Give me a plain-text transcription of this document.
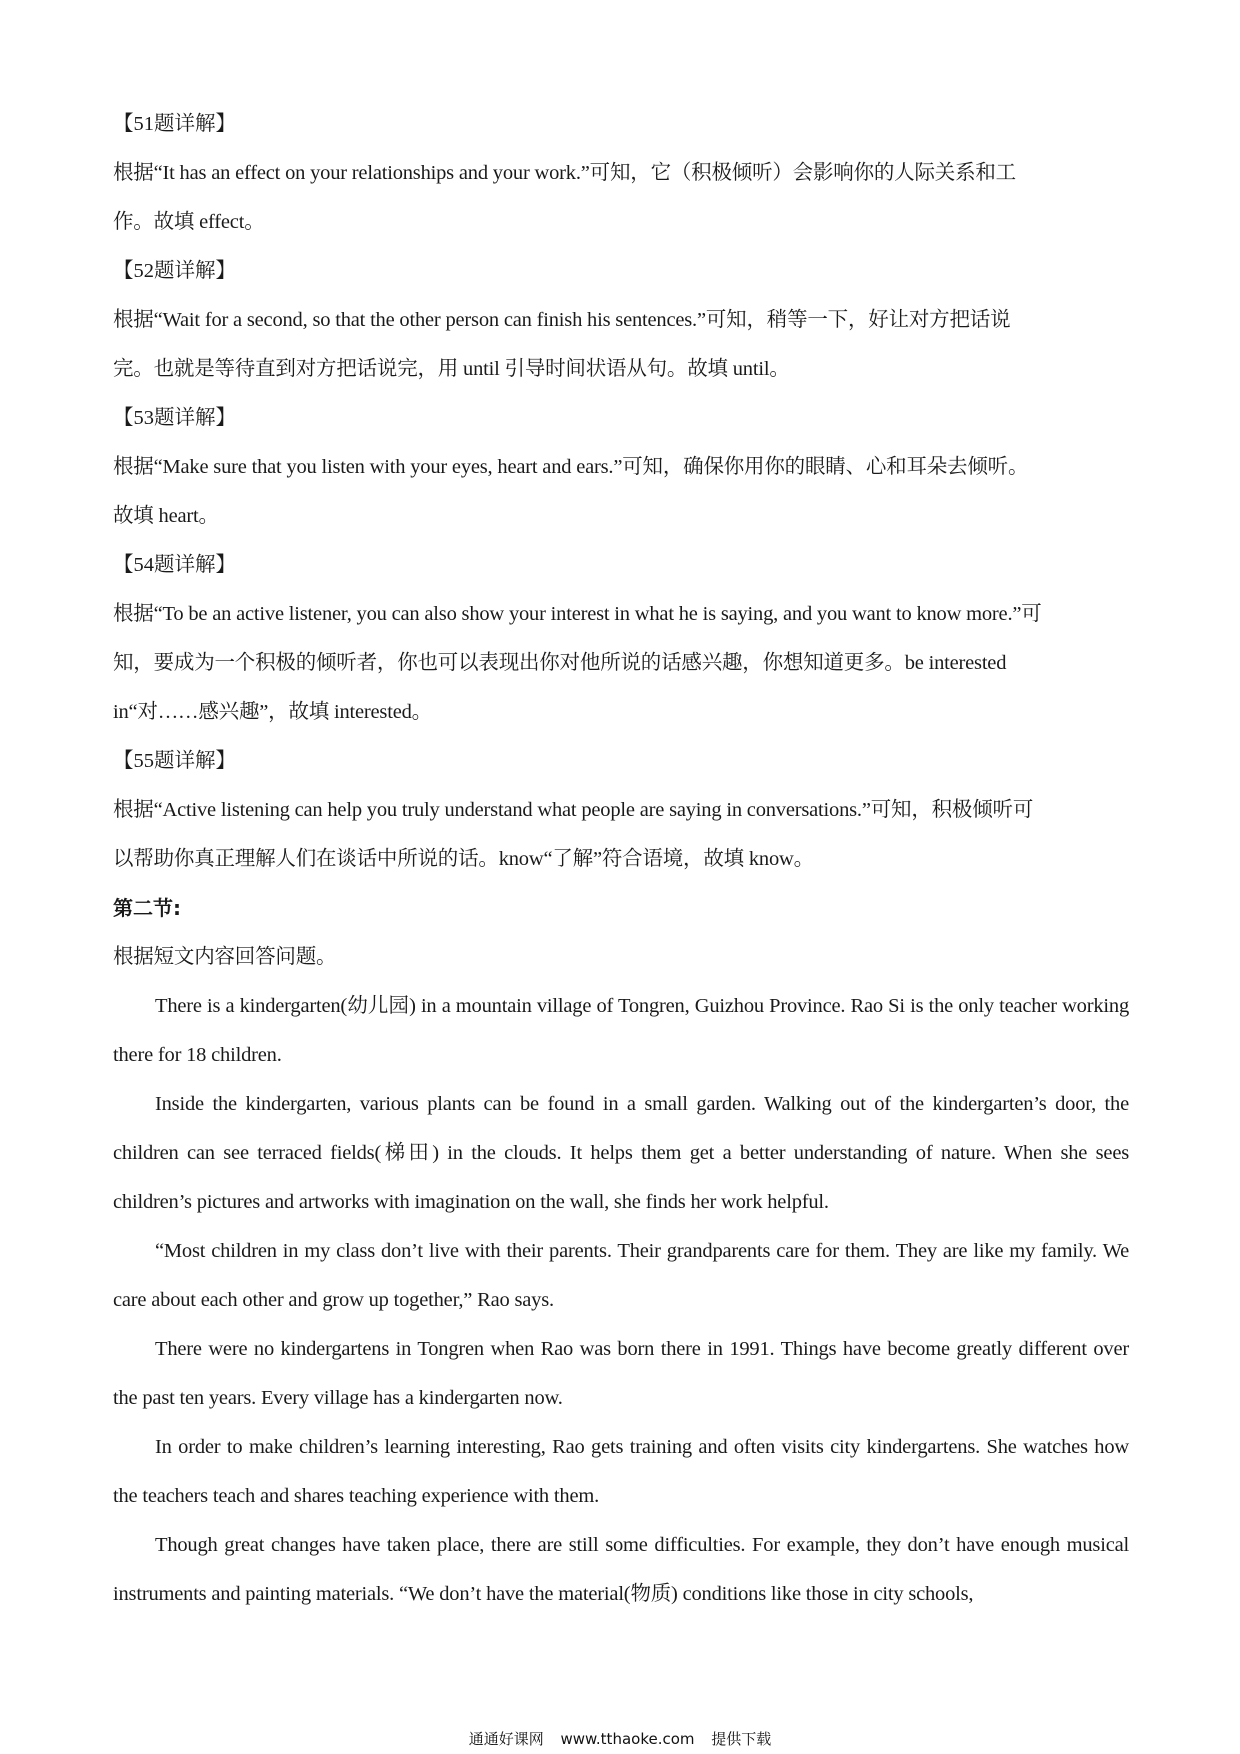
【51题详解】
根据“It has an effect on your relationships and your work.”可知，它（积极倾听）会影响你的人际关系和工
作。故填 effect。
【52题详解】
根据“Wait for a second, so that the other person can finish his sentences.”可知，稍等一下，好让对方把话说
完。也就是等待直到对方把话说完，用 until 引导时间状语从句。故填 until。
【53题详解】
根据“Make sure that you listen with your eyes, heart and ears.”可知，确保你用你的眼睛、心和耳朵去倾听。
故填 heart。
【54题详解】
根据“To be an active listener, you can also show your interest in what he is saying, and you want to know more.”可
知，要成为一个积极的倾听者，你也可以表现出你对他所说的话感兴趣，你想知道更多。be interested
in“对……感兴趣”，故填 interested。
【55题详解】
根据“Active listening can help you truly understand what people are saying in conversations.”可知，积极倾听可
以帮助你真正理解人们在谈话中所说的话。know“了解”符合语境，故填 know。
第二节:
根据短文内容回答问题。

There is a kindergarten(幼儿园) in a mountain village of Tongren, Guizhou Province. Rao Si is the only teacher working there for 18 children.

Inside the kindergarten, various plants can be found in a small garden. Walking out of the kindergarten’s door, the children can see terraced fields(梯田) in the clouds. It helps them get a better understanding of nature. When she sees children’s pictures and artworks with imagination on the wall, she finds her work helpful.

“Most children in my class don’t live with their parents. Their grandparents care for them. They are like my family. We care about each other and grow up together,” Rao says.

There were no kindergartens in Tongren when Rao was born there in 1991. Things have become greatly different over the past ten years. Every village has a kindergarten now.

In order to make children’s learning interesting, Rao gets training and often visits city kindergartens. She watches how the teachers teach and shares teaching experience with them.

Though great changes have taken place, there are still some difficulties. For example, they don’t have enough musical instruments and painting materials. “We don’t have the material(物质) conditions like those in city schools,

通通好课网 www.tthaoke.com 提供下载
